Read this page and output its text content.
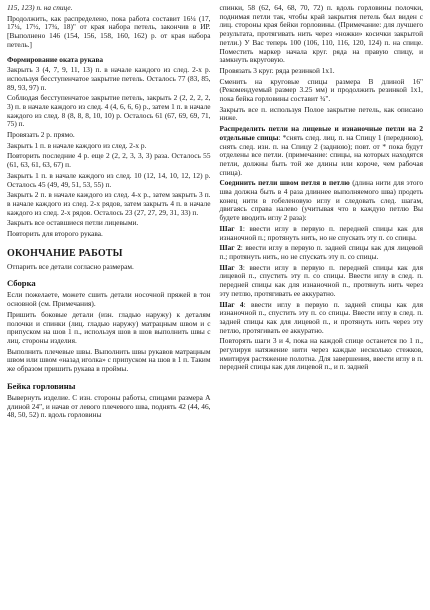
115, 123) п. на спице.

Продолжить, как распределено, пока работа составит 16¼ (17, 17¼, 17½, 17¾, 18)" от края набора петель, закончив в ИР. [Выполнено 146 (154, 156, 158, 160, 162) р. от края набора петель.]

Формирование оката рукава

Закрыть 3 (4, 7, 9, 11, 13) п. в начале каждого из след. 2-х р. используя бесступенчатое закрытие петель. Осталось 77 (83, 85, 89, 93, 97) п.

Соблюдая бесступенчатое закрытие петель, закрыть 2 (2, 2, 2, 2, 3) п. в начале каждого из след. 4 (4, 6, 6, 6) р., затем 1 п. в начале каждого из след. 8 (8, 8, 8, 10, 10) р. Осталось 61 (67, 69, 69, 71, 75) п.

Провязать 2 р. прямо.

Закрыть 1 п. в начале каждого из след. 2-х р.

Повторить последние 4 р. еще 2 (2, 2, 3, 3, 3) раза. Осталось 55 (61, 63, 61, 63, 67) п.

Закрыть 1 п. в начале каждого из след. 10 (12, 14, 10, 12, 12) р. Осталось 45 (49, 49, 51, 53, 55) п.

Закрыть 2 п. в начале каждого из след. 4-х р., затем закрыть 3 п. в начале каждого из след. 2-х рядов, затем закрыть 4 п. в начале каждого из след. 2-х рядов. Осталось 23 (27, 27, 29, 31, 33) п.

Закрыть все оставшиеся петли лицевыми.

Повторить для второго рукава.

ОКОНЧАНИЕ РАБОТЫ

Отпарить все детали согласно размерам.

Сборка

Если пожелаете, можете сшить детали носочной пряжей в тон основной (см. Примечания).

Пришить боковые детали (изн. гладью наружу) к деталям полочки и спинки (лиц. гладью наружу) матрацным швом и с припуском на шов 1 п., используя шов в шов выполнить швы с лиц. стороны изделия.

Выполнить плечевые швы. Выполнить швы рукавов матрацным швом или швом «назад иголка» с припуском на шов в 1 п. Таким же образом пришить рукава в проймы.

Бейка горловины

Вывернуть изделие. С изн. стороны работы, спицами размера А длиной 24", и начав от левого плечевого шва, поднять 42 (44, 46, 48, 50, 52) п. вдоль горловины

спинки, 58 (62, 64, 68, 70, 72) п. вдоль горловины полочки, поднимая петли так, чтобы край закрытия петель был виден с лиц. стороны края бейки горловины. (Примечание: для лучшего результата, протягивать нить через «ножки» косички закрытой петли.) У Вас теперь 100 (106, 110, 116, 120, 124) п. на спице. Поместить маркер начала круг. ряда на правую спицу, и замкнуть вкруговую.

Провязать 3 круг. ряда резинкой 1х1.

Сменить на круговые спицы размера В длиной 16" (Рекомендуемый размер 3.25 мм) и продолжить резинкой 1х1, пока бейка горловины составит ¾".

Закрыть все п. используя Полое закрытие петель, как описано ниже.

Распределить петли на лицевые и изнаночные петли на 2 отдельные спицы: *снять след. лиц. п. на Спицу 1 (переднюю), снять след. изн. п. на Спицу 2 (заднюю); повт. от * пока будут отделены все петли. (примечание: спицы, на которых находятся петли, должны быть той же длины или короче, чем рабочая спица).

Соединить петли швом петля в петлю (длина нити для этого шва должна быть в 4 раза длиннее выполняемого шва) продеть конец нити в гобеленовую иглу и следовать след. шагам, двигаясь справа налево (учитывая что в каждую петлю Вы будете вводить иглу 2 раза):

Шаг 1: ввести иглу в первую п. передней спицы как для изнаночной п.; протянуть нить, но не спускать эту п. со спицы.

Шаг 2: ввести иглу в первую п. задней спицы как для лицевой п.; протянуть нить, но не спускать эту п. со спицы.

Шаг 3: ввести иглу в первую п. передней спицы как для лицевой п., спустить эту п. со спицы. Ввести иглу в след. п. передней спицы как для изнаночной п., протянуть нить через эту петлю, протягивать ее аккуратно.

Шаг 4: ввести иглу в первую п. задней спицы как для изнаночной п., спустить эту п. со спицы. Ввести иглу в след. п. задней спицы как для лицевой п., и протянуть нить через эту петлю, протягивать ее аккуратно.

Повторять шаги 3 и 4, пока на каждой спице останется по 1 п., регулируя натяжение нити через каждые несколько стежков, имитируя растяжение полотна. Для завершения, ввести иглу в п. передней спицы как для лицевой п., и п. задней
